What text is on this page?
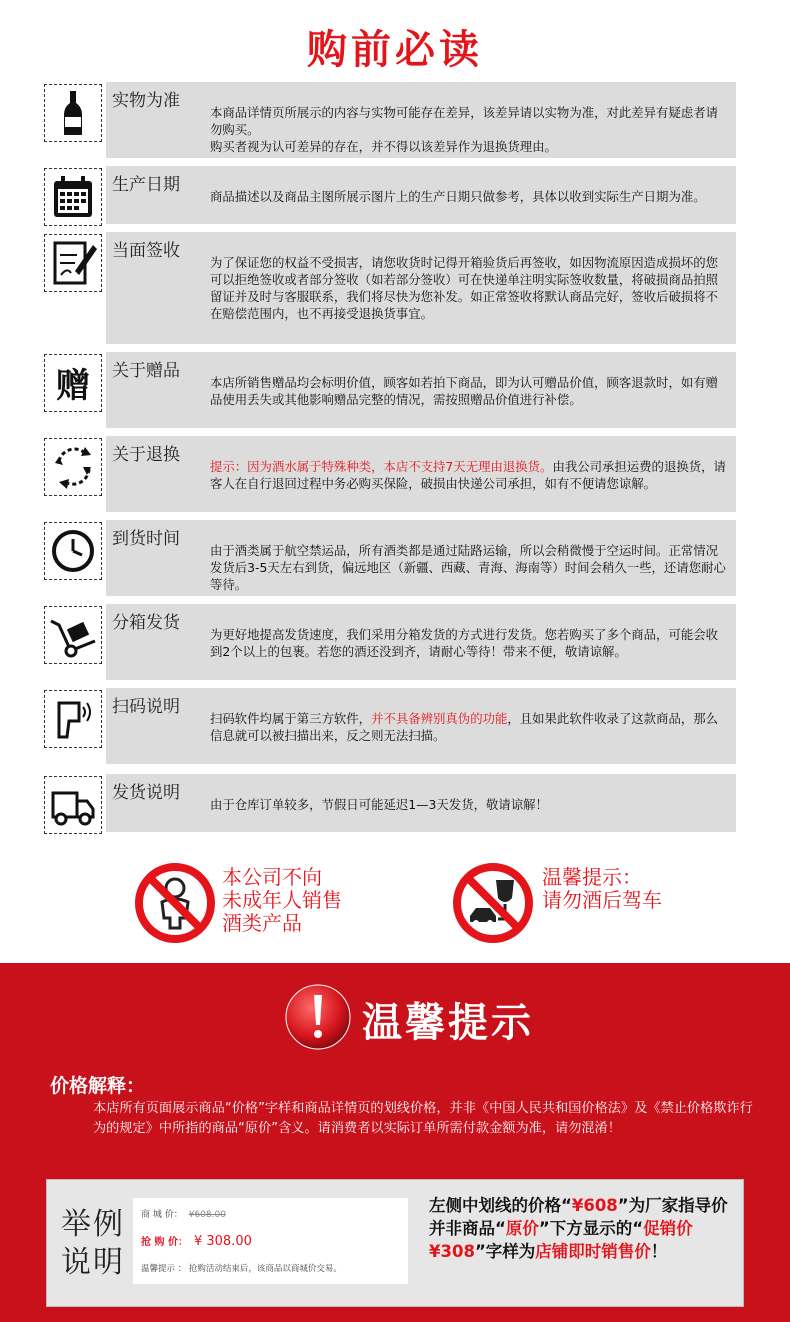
购前必读
实物为准
本商品详情页所展示的内容与实物可能存在差异，该差异请以实物为准，对此差异有疑虑者请勿购买。
购买者视为认可差异的存在，并不得以该差异作为退换货理由。
生产日期
商品描述以及商品主图所展示图片上的生产日期只做参考，具体以收到实际生产日期为准。
当面签收
为了保证您的权益不受损害，请您收货时记得开箱验货后再签收，如因物流原因造成损坏的您可以拒绝签收或者部分签收（如若部分签收）可在快递单注明实际签收数量，将破损商品拍照留证并及时与客服联系，我们将尽快为您补发。如正常签收将默认商品完好，签收后破损将不在赔偿范围内，也不再接受退换货事宜。
赠 关于赠品
本店所销售赠品均会标明价值，顾客如若拍下商品，即为认可赠品价值，顾客退款时，如有赠品使用丢失或其他影响赠品完整的情况，需按照赠品价值进行补偿。
关于退换
提示：因为酒水属于特殊种类，本店不支持7天无理由退换货。由我公司承担运费的退换货，请客人在自行退回过程中务必购买保险，破损由快递公司承担，如有不便请您谅解。
到货时间
由于酒类属于航空禁运品，所有酒类都是通过陆路运输，所以会稍微慢于空运时间。正常情况发货后3-5天左右到货，偏远地区（新疆、西藏、青海、海南等）时间会稍久一些，还请您耐心等待。
分箱发货
为更好地提高发货速度，我们采用分箱发货的方式进行发货。您若购买了多个商品，可能会收到2个以上的包裹。若您的酒还没到齐，请耐心等待！带来不便，敬请谅解。
扫码说明
扫码软件均属于第三方软件，并不具备辨别真伪的功能，且如果此软件收录了这款商品，那么信息就可以被扫描出来，反之则无法扫描。
发货说明
由于仓库订单较多，节假日可能延迟1—3天发货，敬请谅解！
本公司不向
未成年人销售
酒类产品
温馨提示：
请勿酒后驾车
温馨提示
价格解释：
本店所有页面展示商品“价格”字样和商品详情页的划线价格，并非《中国人民共和国价格法》及《禁止价格欺诈行为的规定》中所指的商品“原价”含义。请消费者以实际订单所需付款金额为准，请勿混淆！
举例
说明
商 城 价： ¥608.00
抢 购 价： ¥ 308.00
温馨提示 ： 抢购活动结束后，该商品以商城价交易。
左侧中划线的价格“¥608”为厂家指导价并非商品“原价”下方显示的“促销价¥308”字样为店铺即时销售价！
